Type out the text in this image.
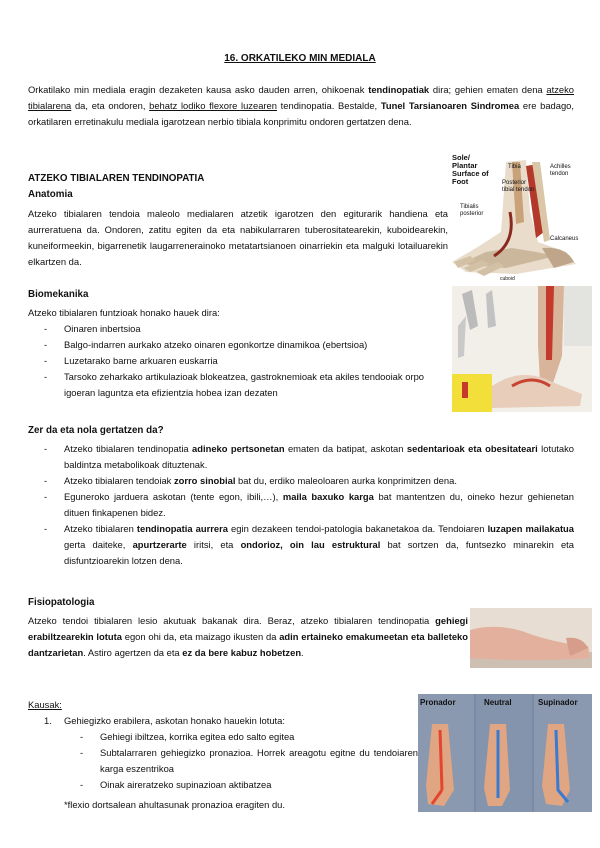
16. ORKATILEKO MIN MEDIALA

Orkatilako min mediala eragin dezaketen kausa asko dauden arren, ohikoenak tendinopatiak dira; gehien ematen dena atzeko tibialarena da, eta ondoren, behatz lodiko flexore luzearen tendinopatia. Bestalde, Tunel Tarsianoaren Sindromea ere badago, orkatilaren erretinakulu mediala igarotzean nerbio tibiala konprimitu ondoren gertatzen dena.

Sole/ Plantar Surface of Foot
Tibia	Achilles tendon
Posterior tibial tendon
Tibialis posterior
Calcaneus
cuboid
ATZEKO TIBIALAREN TENDINOPATIA
Anatomia

Atzeko tibialaren tendoia maleolo medialaren atzetik igarotzen den egiturarik handiena eta aurreratuena da. Ondoren, zatitu egiten da eta nabikularraren tuberositatearekin, kuboidearekin, kuneiformeekin, bigarrenetik laugarrenerainoko metatartsianoen oinarriekin eta malguki lotailuarekin elkartzen da.

Biomekanika

Atzeko tibialaren funtzioak honako hauek dira:

- Oinaren inbertsioa
- Balgo-indarren aurkako atzeko oinaren egonkortze dinamikoa (ebertsioa)
- Luzetarako barne arkuaren euskarria
- Tarsoko zeharkako artikulazioak blokeatzea, gastroknemioak eta akiles tendooiak orpo igoeran laguntza eta efizientzia hobea izan dezaten
Zer da eta nola gertatzen da?
- Atzeko tibialaren tendinopatia adineko pertsonetan ematen da batipat, askotan sedentarioak eta obesitateari lotutako baldintza metabolikoak dituztenak.
- Atzeko tibialaren tendoiak zorro sinobial bat du, erdiko maleoloaren aurka konprimitzen dena.
- Eguneroko jarduera askotan (tente egon, ibili,…), maila baxuko karga bat mantentzen du, oineko hezur gehienetan dituen finkapenen bidez.
- Atzeko tibialaren tendinopatia aurrera egin dezakeen tendoi-patologia bakanetakoa da. Tendoiaren luzapen mailakatua gerta daiteke, apurtzerarte iritsi, eta ondorioz, oin lau estruktural bat sortzen da, funtsezko minarekin eta disfuntzioarekin lotzen dena.
Fisiopatologia

Atzeko tendoi tibialaren lesio akutuak bakanak dira. Beraz, atzeko tibialaren tendinopatia gehiegi erabiltzearekin lotuta egon ohi da, eta maizago ikusten da adin ertaineko emakumeetan eta balleteko dantzarietan. Astiro agertzen da eta ez da bere kabuz hobetzen.

Kausak:	Pronador	Neutral	Supinador
1. Gehiegizko erabilera, askotan honako hauekin lotuta:
- Gehiegi ibiltzea, korrika egitea edo salto egitea
- Subtalarraren gehiegizko pronazioa. Horrek areagotu egitne du tendoiaren karga eszentrikoa
- Oinak aireratzeko supinazioan aktibatzea
*flexio dortsalean ahultasunak pronazioa eragiten du.
